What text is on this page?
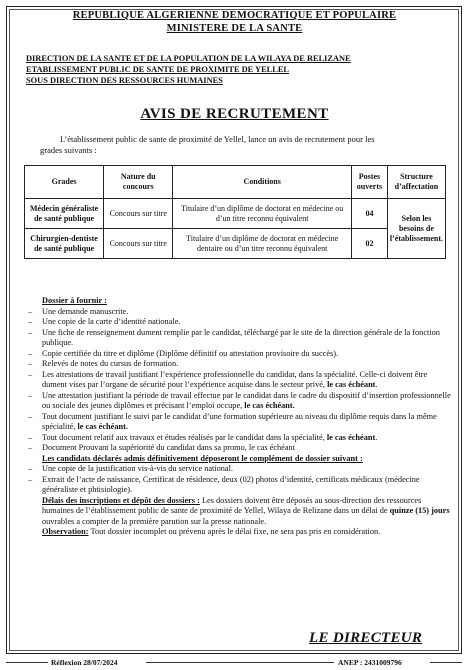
REPUBLIQUE ALGERIENNE DEMOCRATIQUE ET POPULAIRE
MINISTERE DE LA SANTE
DIRECTION DE LA SANTE ET DE LA POPULATION DE LA WILAYA DE RELIZANE
ETABLISSEMENT PUBLIC DE SANTE DE PROXIMITE DE YELLEL
SOUS DIRECTION DES RESSOURCES HUMAINES
AVIS DE RECRUTEMENT
L’établissement public de sante de proximité de Yellel, lance un avis de recrutement pour les
grades suivants :
Grades	Nature du concours	Conditions	Postes ouverts	Structure d’affectation
Médecin généraliste de santé publique	Concours sur titre	Titulaire d’un diplôme de doctorat en médecine ou d’un titre reconnu équivalent	04	Selon les besoins de l’établissement.
Chirurgien-dentiste de santé publique	Concours sur titre	Titulaire d’un diplôme de doctorat en médecine dentaire ou d’un titre reconnu équivalent	02	
Dossier à fournir :
– Une demande manuscrite.
– Une copie de la carte d’identité nationale.
– Une fiche de renseignement dument remplie par le candidat, téléchargé par le site de la direction générale de la fonction publique.
– Copie certifiée du titre et diplôme (Diplôme définitif ou attestation provisoire du succès).
– Relevés de notes du cursus de formation.
– Les attestations de travail justifiant l’expérience professionnelle du candidat, dans la spécialité. Celle-ci doivent être dument vises par l’organe de sécurité pour l’expérience acquise dans le secteur privé, le cas échéant.
– Une attestation justifiant la période de travail effectue par le candidat dans le cadre du dispositif d’insertion professionnelle ou sociale des jeunes diplômes et précisant l’emploi occupe, le cas échéant.
– Tout document justifiant le suivi par le candidat d’une formation supérieure au niveau du diplôme requis dans la même spécialité, le cas échéant.
– Tout document relatif aux travaux et études réalisés par le candidat dans la spécialité, le cas échéant.
– Document Prouvant la supériorité du candidat dans sa promo, le cas échéant
Les candidats déclarés admis définitivement déposeront le complément de dossier suivant :
– Une copie de la justification vis-à-vis du service national.
– Extrait de l’acte de naissance, Certificat de résidence, deux (02) photos d’identité, certificats médicaux (médecine généraliste et phtisiologie).
Délais des inscriptions et dépôt des dossiers : Les dossiers doivent être déposés au sous-direction des ressources humaines de l’établissement public de sante de proximité de Yellel, Wilaya de Relizane dans un délai de quinze (15) jours ouvrables a compter de la première parution sur la presse nationale.
Observation: Tout dossier incomplet ou prévenu après le délai fixe, ne sera pas pris en considération.
LE DIRECTEUR
Réflexion 28/07/2024	ANEP : 2431009796
